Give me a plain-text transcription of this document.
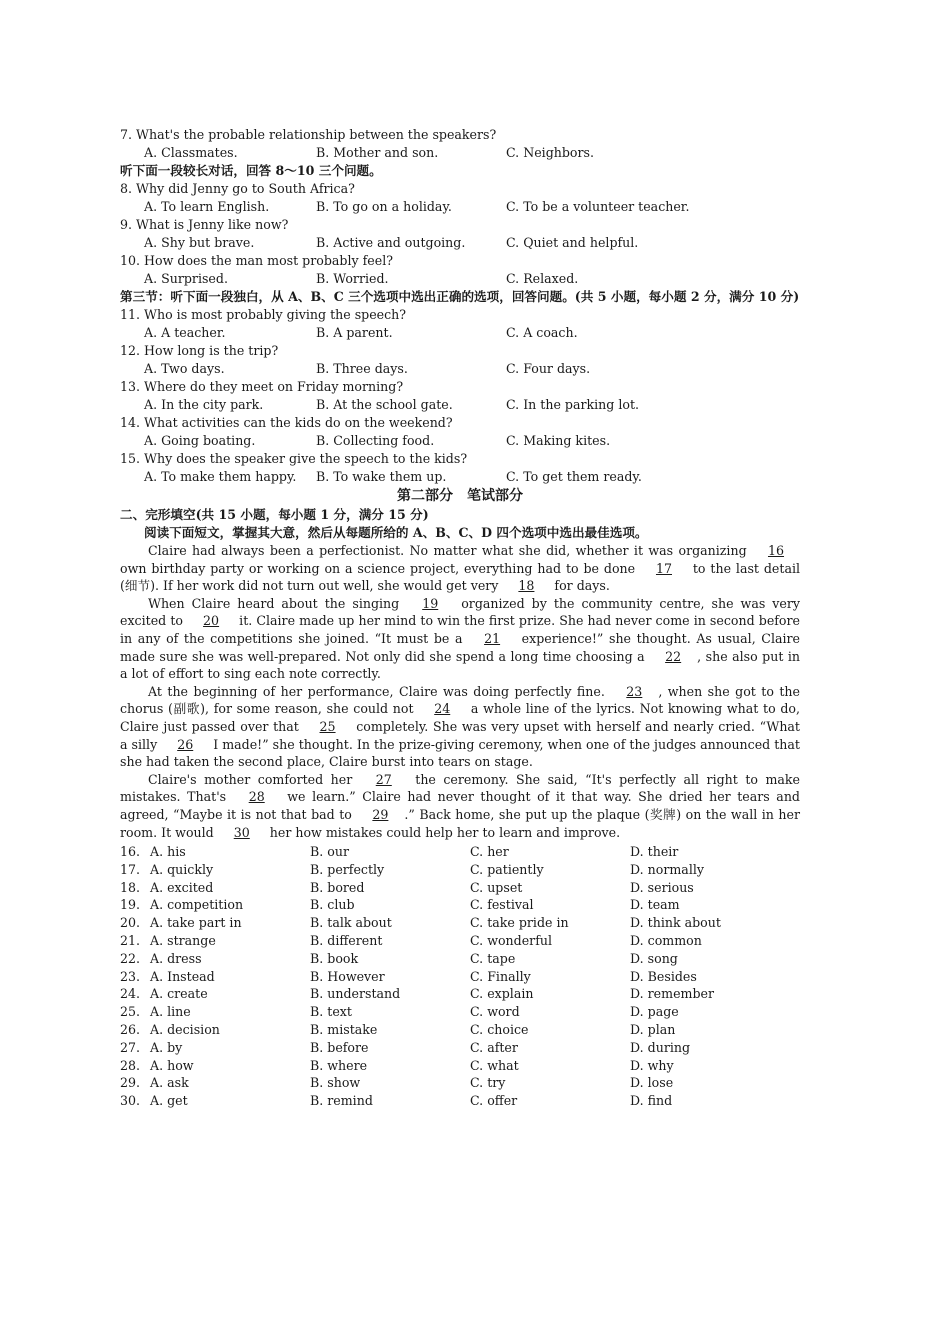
7. What's the probable relationship between the speakers?

A. Classmates.	B. Mother and son.	C. Neighbors.

听下面一段较长对话，回答 8～10 三个问题。

8. Why did Jenny go to South Africa?

A. To learn English.	B. To go on a holiday.	C. To be a volunteer teacher.

9. What is Jenny like now?

A. Shy but brave.	B. Active and outgoing.	C. Quiet and helpful.

10. How does the man most probably feel?

A. Surprised.	B. Worried.	C. Relaxed.

第三节：听下面一段独白，从 A、B、C 三个选项中选出正确的选项，回答问题。(共 5 小题，每小题 2 分，满分 10 分)

11. Who is most probably giving the speech?

A. A teacher.	B. A parent.	C. A coach.

12. How long is the trip?

A. Two days.	B. Three days.	C. Four days.

13. Where do they meet on Friday morning?

A. In the city park.	B. At the school gate.	C. In the parking lot.

14. What activities can the kids do on the weekend?

A. Going boating.	B. Collecting food.	C. Making kites.

15. Why does the speaker give the speech to the kids?

A. To make them happy.	B. To wake them up.	C. To get them ready.

第二部分　笔试部分

二、完形填空(共 15 小题，每小题 1 分，满分 15 分)

阅读下面短文，掌握其大意，然后从每题所给的 A、B、C、D 四个选项中选出最佳选项。

Claire had always been a perfectionist. No matter what she did, whether it was organizing 16 own birthday party or working on a science project, everything had to be done 17 to the last detail (细节). If her work did not turn out well, she would get very 18 for days.

When Claire heard about the singing 19 organized by the community centre, she was very excited to 20 it. Claire made up her mind to win the first prize. She had never come in second before in any of the competitions she joined. “It must be a 21 experience!” she thought. As usual, Claire made sure she was well-prepared. Not only did she spend a long time choosing a 22 , she also put in a lot of effort to sing each note correctly.

At the beginning of her performance, Claire was doing perfectly fine. 23 , when she got to the chorus (副歌), for some reason, she could not 24 a whole line of the lyrics. Not knowing what to do, Claire just passed over that 25 completely. She was very upset with herself and nearly cried. “What a silly 26 I made!” she thought. In the prize-giving ceremony, when one of the judges announced that she had taken the second place, Claire burst into tears on stage.

Claire's mother comforted her 27 the ceremony. She said, “It's perfectly all right to make mistakes. That's 28 we learn.” Claire had never thought of it that way. She dried her tears and agreed, “Maybe it is not that bad to 29 .” Back home, she put up the plaque (奖牌) on the wall in her room. It would 30 her how mistakes could help her to learn and improve.

16. A. his	B. our	C. her	D. their
17. A. quickly	B. perfectly	C. patiently	D. normally
18. A. excited	B. bored	C. upset	D. serious
19. A. competition	B. club	C. festival	D. team
20. A. take part in	B. talk about	C. take pride in	D. think about
21. A. strange	B. different	C. wonderful	D. common
22. A. dress	B. book	C. tape	D. song
23. A. Instead	B. However	C. Finally	D. Besides
24. A. create	B. understand	C. explain	D. remember
25. A. line	B. text	C. word	D. page
26. A. decision	B. mistake	C. choice	D. plan
27. A. by	B. before	C. after	D. during
28. A. how	B. where	C. what	D. why
29. A. ask	B. show	C. try	D. lose
30. A. get	B. remind	C. offer	D. find
